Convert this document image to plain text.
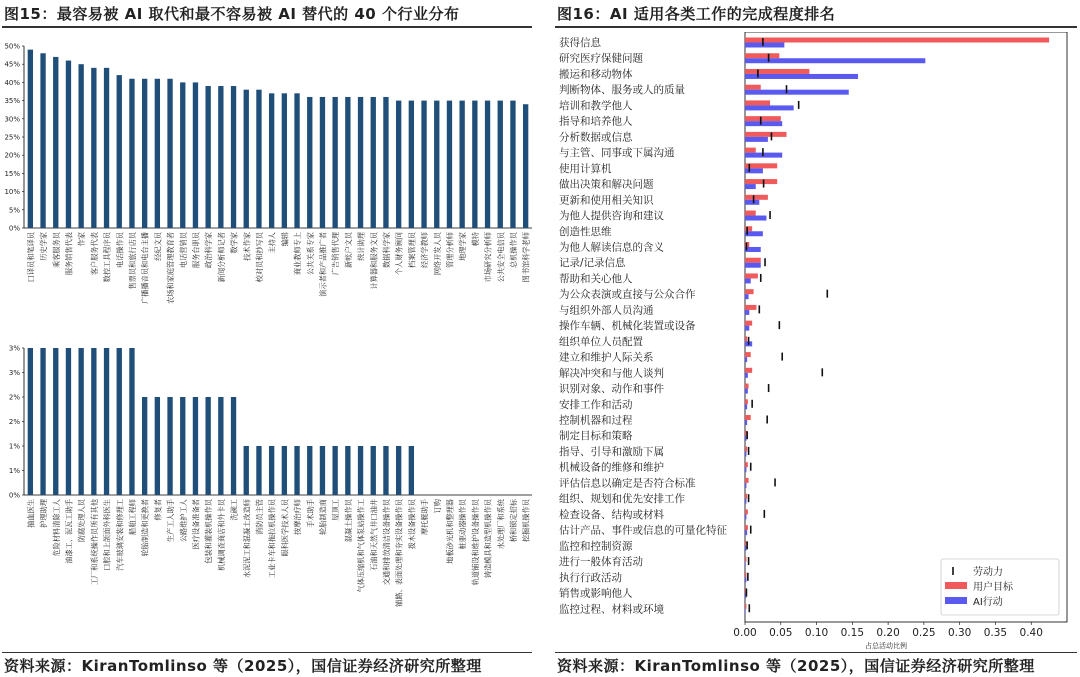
图15：最容易被 AI 取代和最不容易被 AI 替代的 40 个行业分布	图16：AI 适用各类工作的完成程度排名
0%
5%
10%
15%
20%
25%
30%
35%
40%
45%
50%
口译员和笔译员 历史学家 乘客服务员 服务销售代表 作家 客户服务代表 数控工具程序员 电话操作员 售票员和旅行店员 广播播音员和电台主播 经纪文员 农场和家庭管理教育者 电话营销员 服务台职员 政治科学家 新闻分析师记者 数学家 技术作家 校对员和抄写员 主持人 编辑 商业教师专上 公共关系专家 演示者和产品推广者 广告销售代理 新帐户文员 统计助理 计算器和服务文员 数据科学家 个人财务顾问 档案管理员 经济学教师 网络开发人员 管理分析师 地理学家 模特 市场研究分析师 公共安全电信员 总机操作员 图书馆科学老师
0%
1%
1%
2%
2%
3%
3%
抽血医生 护理助理 危险材料清除工人 油漆工、泥瓦工助手 防腐处理人员 工厂和系统操作员所有其他 口腔和上颌面外科医生 汽车玻璃安装和修理工 船舶工程师 轮胎制造和更换者 修复者 生产工人助手 公路维护工人 医疗设备准备者 包装和灌装机操作员 机械调查商店和外卡员 洗碗工 水泥泥工和混凝土改造师 消防员主管 工业卡车和拖拉机操作员 眼科医学技术人员 按摩治疗师 手术助手 轮胎制造商 屋顶工 混凝土操作员 气体压缩机和气体泵站操作工 石油和天然气井口油井 交通和排放清洁设备操作员 铺路、表面处理和夯实设备操作员 拨木设备操作员 摩托艇助手 订购 地板砂光机和整理器 桩驱动器操作员 轨道铺设和维护设备操作员 铸造模具和造型机操作员 水处理厂和系统 桥和锁定招标 挖掘机操作员
获得信息
研究医疗保健问题
搬运和移动物体
判断物体、服务或人的质量
培训和教学他人
指导和培养他人
分析数据或信息
与主管、同事或下属沟通
使用计算机
做出决策和解决问题
更新和使用相关知识
为他人提供咨询和建议
创造性思维
为他人解读信息的含义
记录/记录信息
帮助和关心他人
为公众表演或直接与公众合作
与组织外部人员沟通
操作车辆、机械化装置或设备
组织单位人员配置
建立和维护人际关系
解决冲突和与他人谈判
识别对象、动作和事件
安排工作和活动
控制机器和过程
制定目标和策略
指导、引导和激励下属
机械设备的维修和维护
评估信息以确定是否符合标准
组织、规划和优先安排工作
检查设备、结构或材料
估计产品、事件或信息的可量化特征
监控和控制资源
进行一般体育活动
执行行政活动
销售或影响他人
监控过程、材料或环境
0.00 0.05 0.10 0.15 0.20 0.25 0.30 0.35 0.40
占总活动比例
劳动力
用户目标
AI行动
资料来源：KiranTomlinso 等（2025），国信证券经济研究所整理	资料来源：KiranTomlinso 等（2025），国信证券经济研究所整理
